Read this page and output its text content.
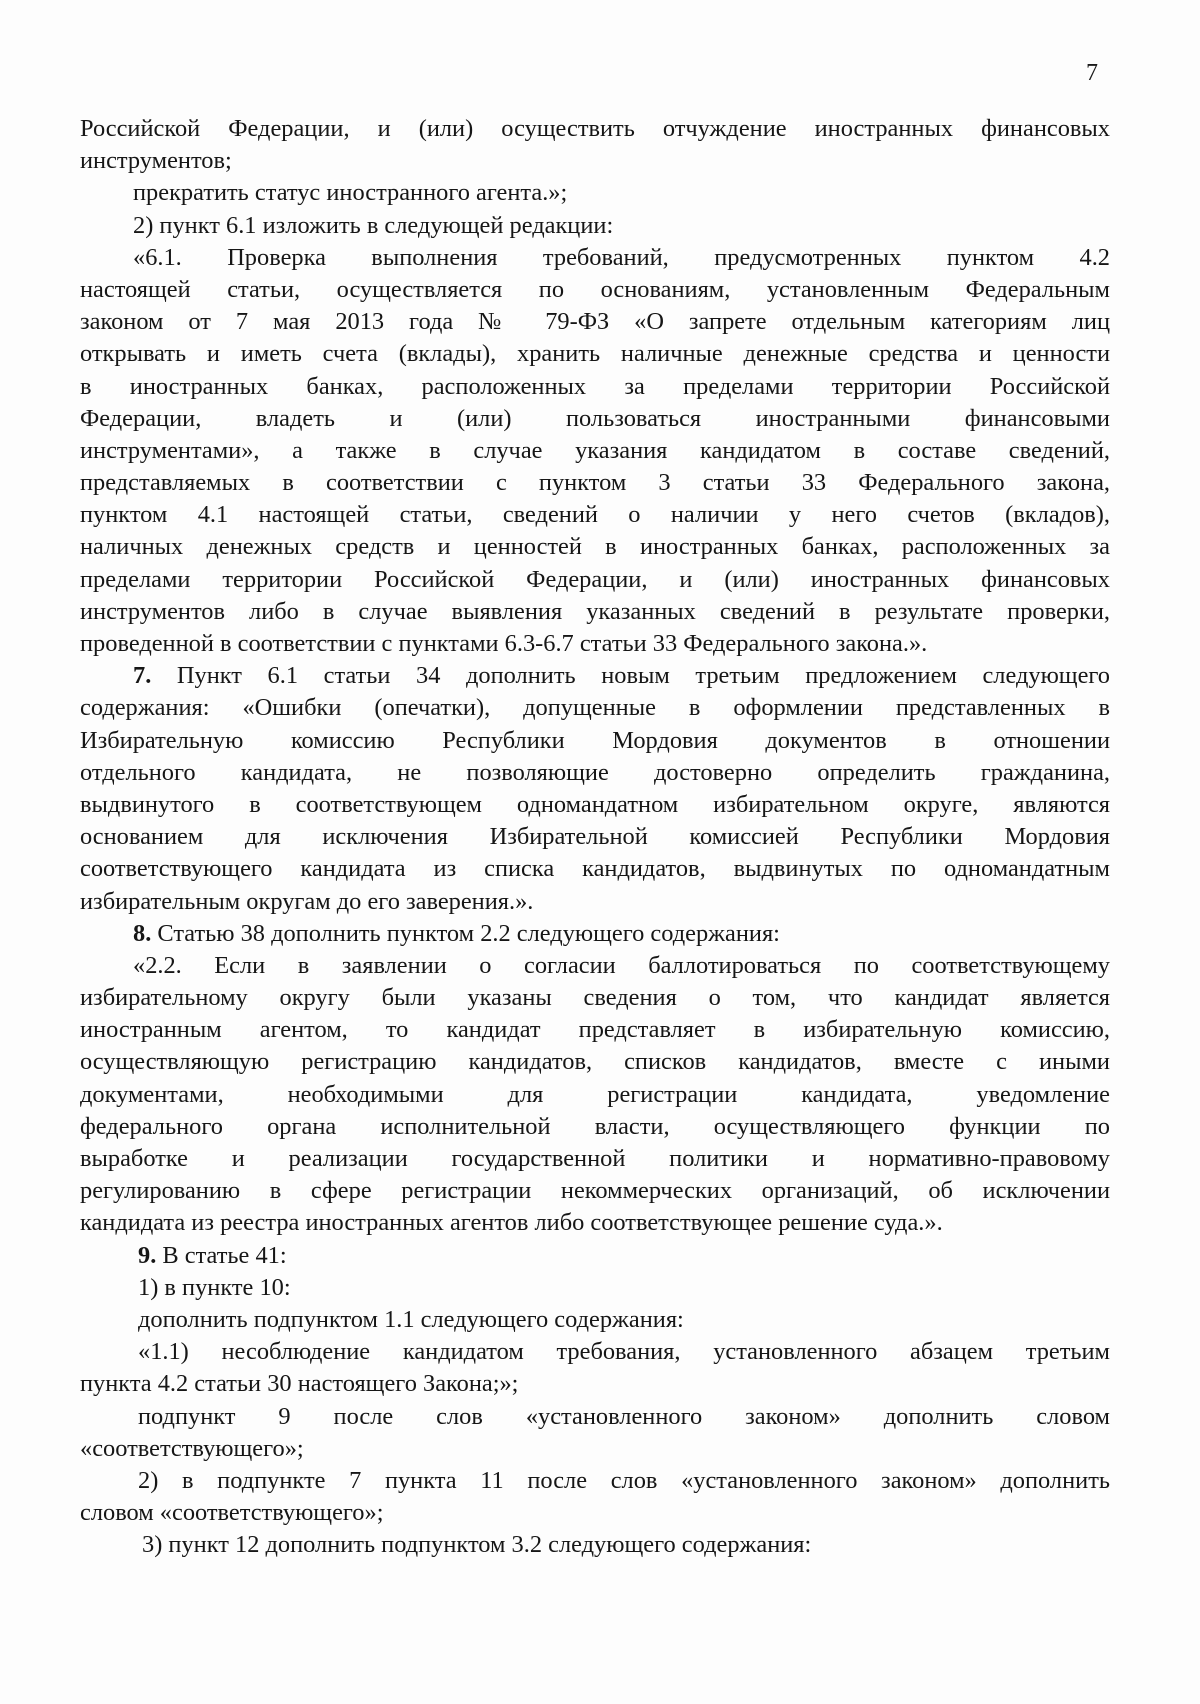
7
Российской Федерации, и (или) осуществить отчуждение иностранных финансовых
инструментов;
прекратить статус иностранного агента.»;
2) пункт 6.1 изложить в следующей редакции:
«6.1. Проверка выполнения требований, предусмотренных пунктом 4.2
настоящей статьи, осуществляется по основаниям, установленным Федеральным
законом от 7 мая 2013 года № 79-ФЗ «О запрете отдельным категориям лиц
открывать и иметь счета (вклады), хранить наличные денежные средства и ценности
в иностранных банках, расположенных за пределами территории Российской
Федерации, владеть и (или) пользоваться иностранными финансовыми
инструментами», а также в случае указания кандидатом в составе сведений,
представляемых в соответствии с пунктом 3 статьи 33 Федерального закона,
пунктом 4.1 настоящей статьи, сведений о наличии у него счетов (вкладов),
наличных денежных средств и ценностей в иностранных банках, расположенных за
пределами территории Российской Федерации, и (или) иностранных финансовых
инструментов либо в случае выявления указанных сведений в результате проверки,
проведенной в соответствии с пунктами 6.3-6.7 статьи 33 Федерального закона.».
7. Пункт 6.1 статьи 34 дополнить новым третьим предложением следующего
содержания: «Ошибки (опечатки), допущенные в оформлении представленных в
Избирательную комиссию Республики Мордовия документов в отношении
отдельного кандидата, не позволяющие достоверно определить гражданина,
выдвинутого в соответствующем одномандатном избирательном округе, являются
основанием для исключения Избирательной комиссией Республики Мордовия
соответствующего кандидата из списка кандидатов, выдвинутых по одномандатным
избирательным округам до его заверения.».
8. Статью 38 дополнить пунктом 2.2 следующего содержания:
«2.2. Если в заявлении о согласии баллотироваться по соответствующему
избирательному округу были указаны сведения о том, что кандидат является
иностранным агентом, то кандидат представляет в избирательную комиссию,
осуществляющую регистрацию кандидатов, списков кандидатов, вместе с иными
документами, необходимыми для регистрации кандидата, уведомление
федерального органа исполнительной власти, осуществляющего функции по
выработке и реализации государственной политики и нормативно-правовому
регулированию в сфере регистрации некоммерческих организаций, об исключении
кандидата из реестра иностранных агентов либо соответствующее решение суда.».
9. В статье 41:
1) в пункте 10:
дополнить подпунктом 1.1 следующего содержания:
«1.1) несоблюдение кандидатом требования, установленного абзацем третьим
пункта 4.2 статьи 30 настоящего Закона;»;
подпункт 9 после слов «установленного законом» дополнить словом
«соответствующего»;
2) в подпункте 7 пункта 11 после слов «установленного законом» дополнить
словом «соответствующего»;
3) пункт 12 дополнить подпунктом 3.2 следующего содержания:
